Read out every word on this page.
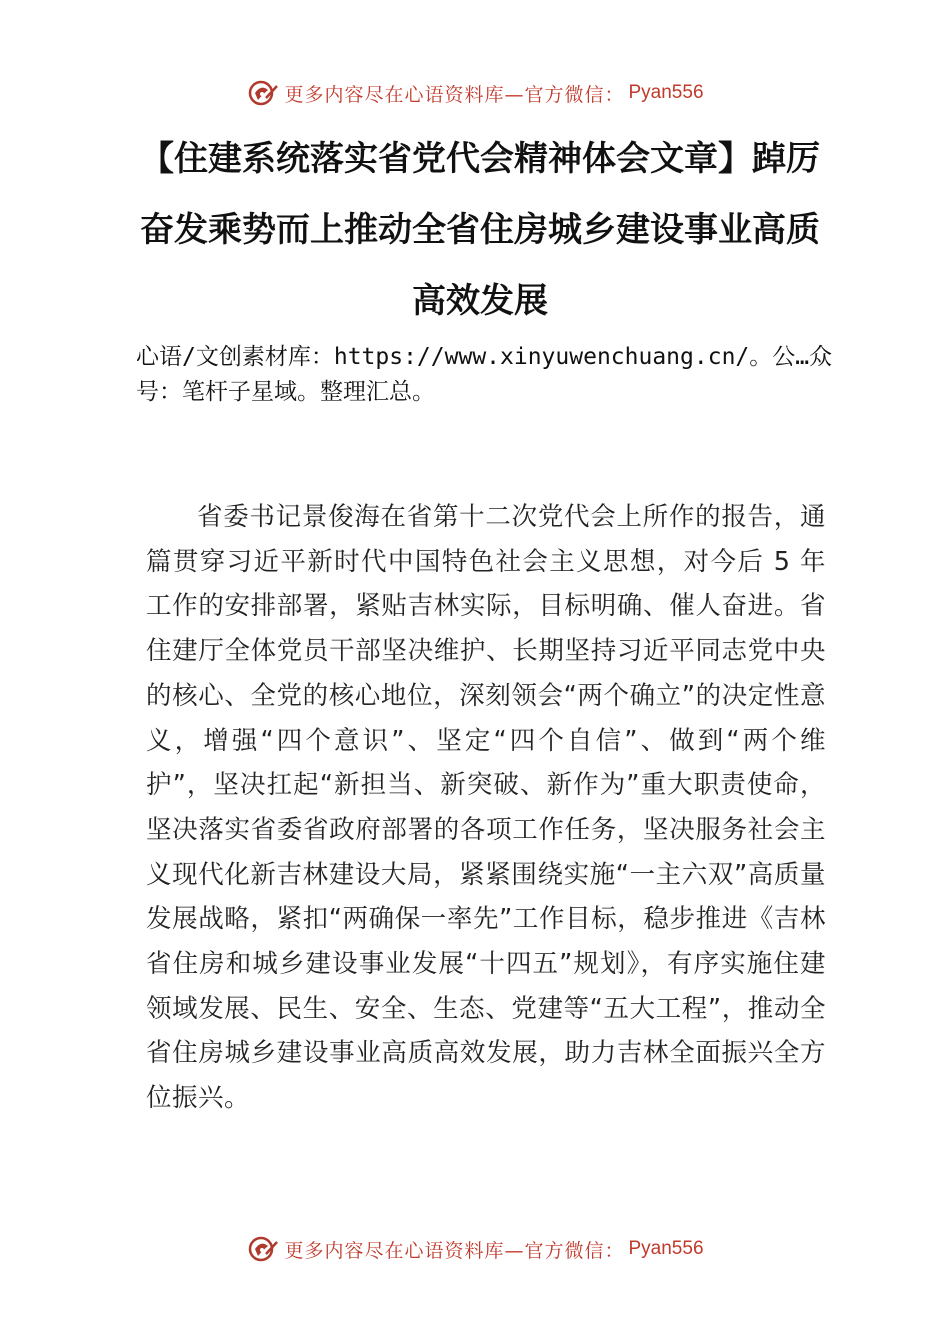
更多内容尽在心语资料库—官方微信： Pyan556
【住建系统落实省党代会精神体会文章】踔厉奋发乘势而上推动全省住房城乡建设事业高质高效发展

心语/文创素材库：https://www.xinyuwenchuang.cn/。公…众号：笔杆子星域。整理汇总。

省委书记景俊海在省第十二次党代会上所作的报告，通篇贯穿习近平新时代中国特色社会主义思想，对今后 5 年工作的安排部署，紧贴吉林实际，目标明确、催人奋进。省住建厅全体党员干部坚决维护、长期坚持习近平同志党中央的核心、全党的核心地位，深刻领会“两个确立”的决定性意义，增强“四个意识”、坚定“四个自信”、做到“两个维护”，坚决扛起“新担当、新突破、新作为”重大职责使命，坚决落实省委省政府部署的各项工作任务，坚决服务社会主义现代化新吉林建设大局，紧紧围绕实施“一主六双”高质量发展战略，紧扣“两确保一率先”工作目标，稳步推进《吉林省住房和城乡建设事业发展“十四五”规划》，有序实施住建领域发展、民生、安全、生态、党建等“五大工程”，推动全省住房城乡建设事业高质高效发展，助力吉林全面振兴全方位振兴。

更多内容尽在心语资料库—官方微信： Pyan556
